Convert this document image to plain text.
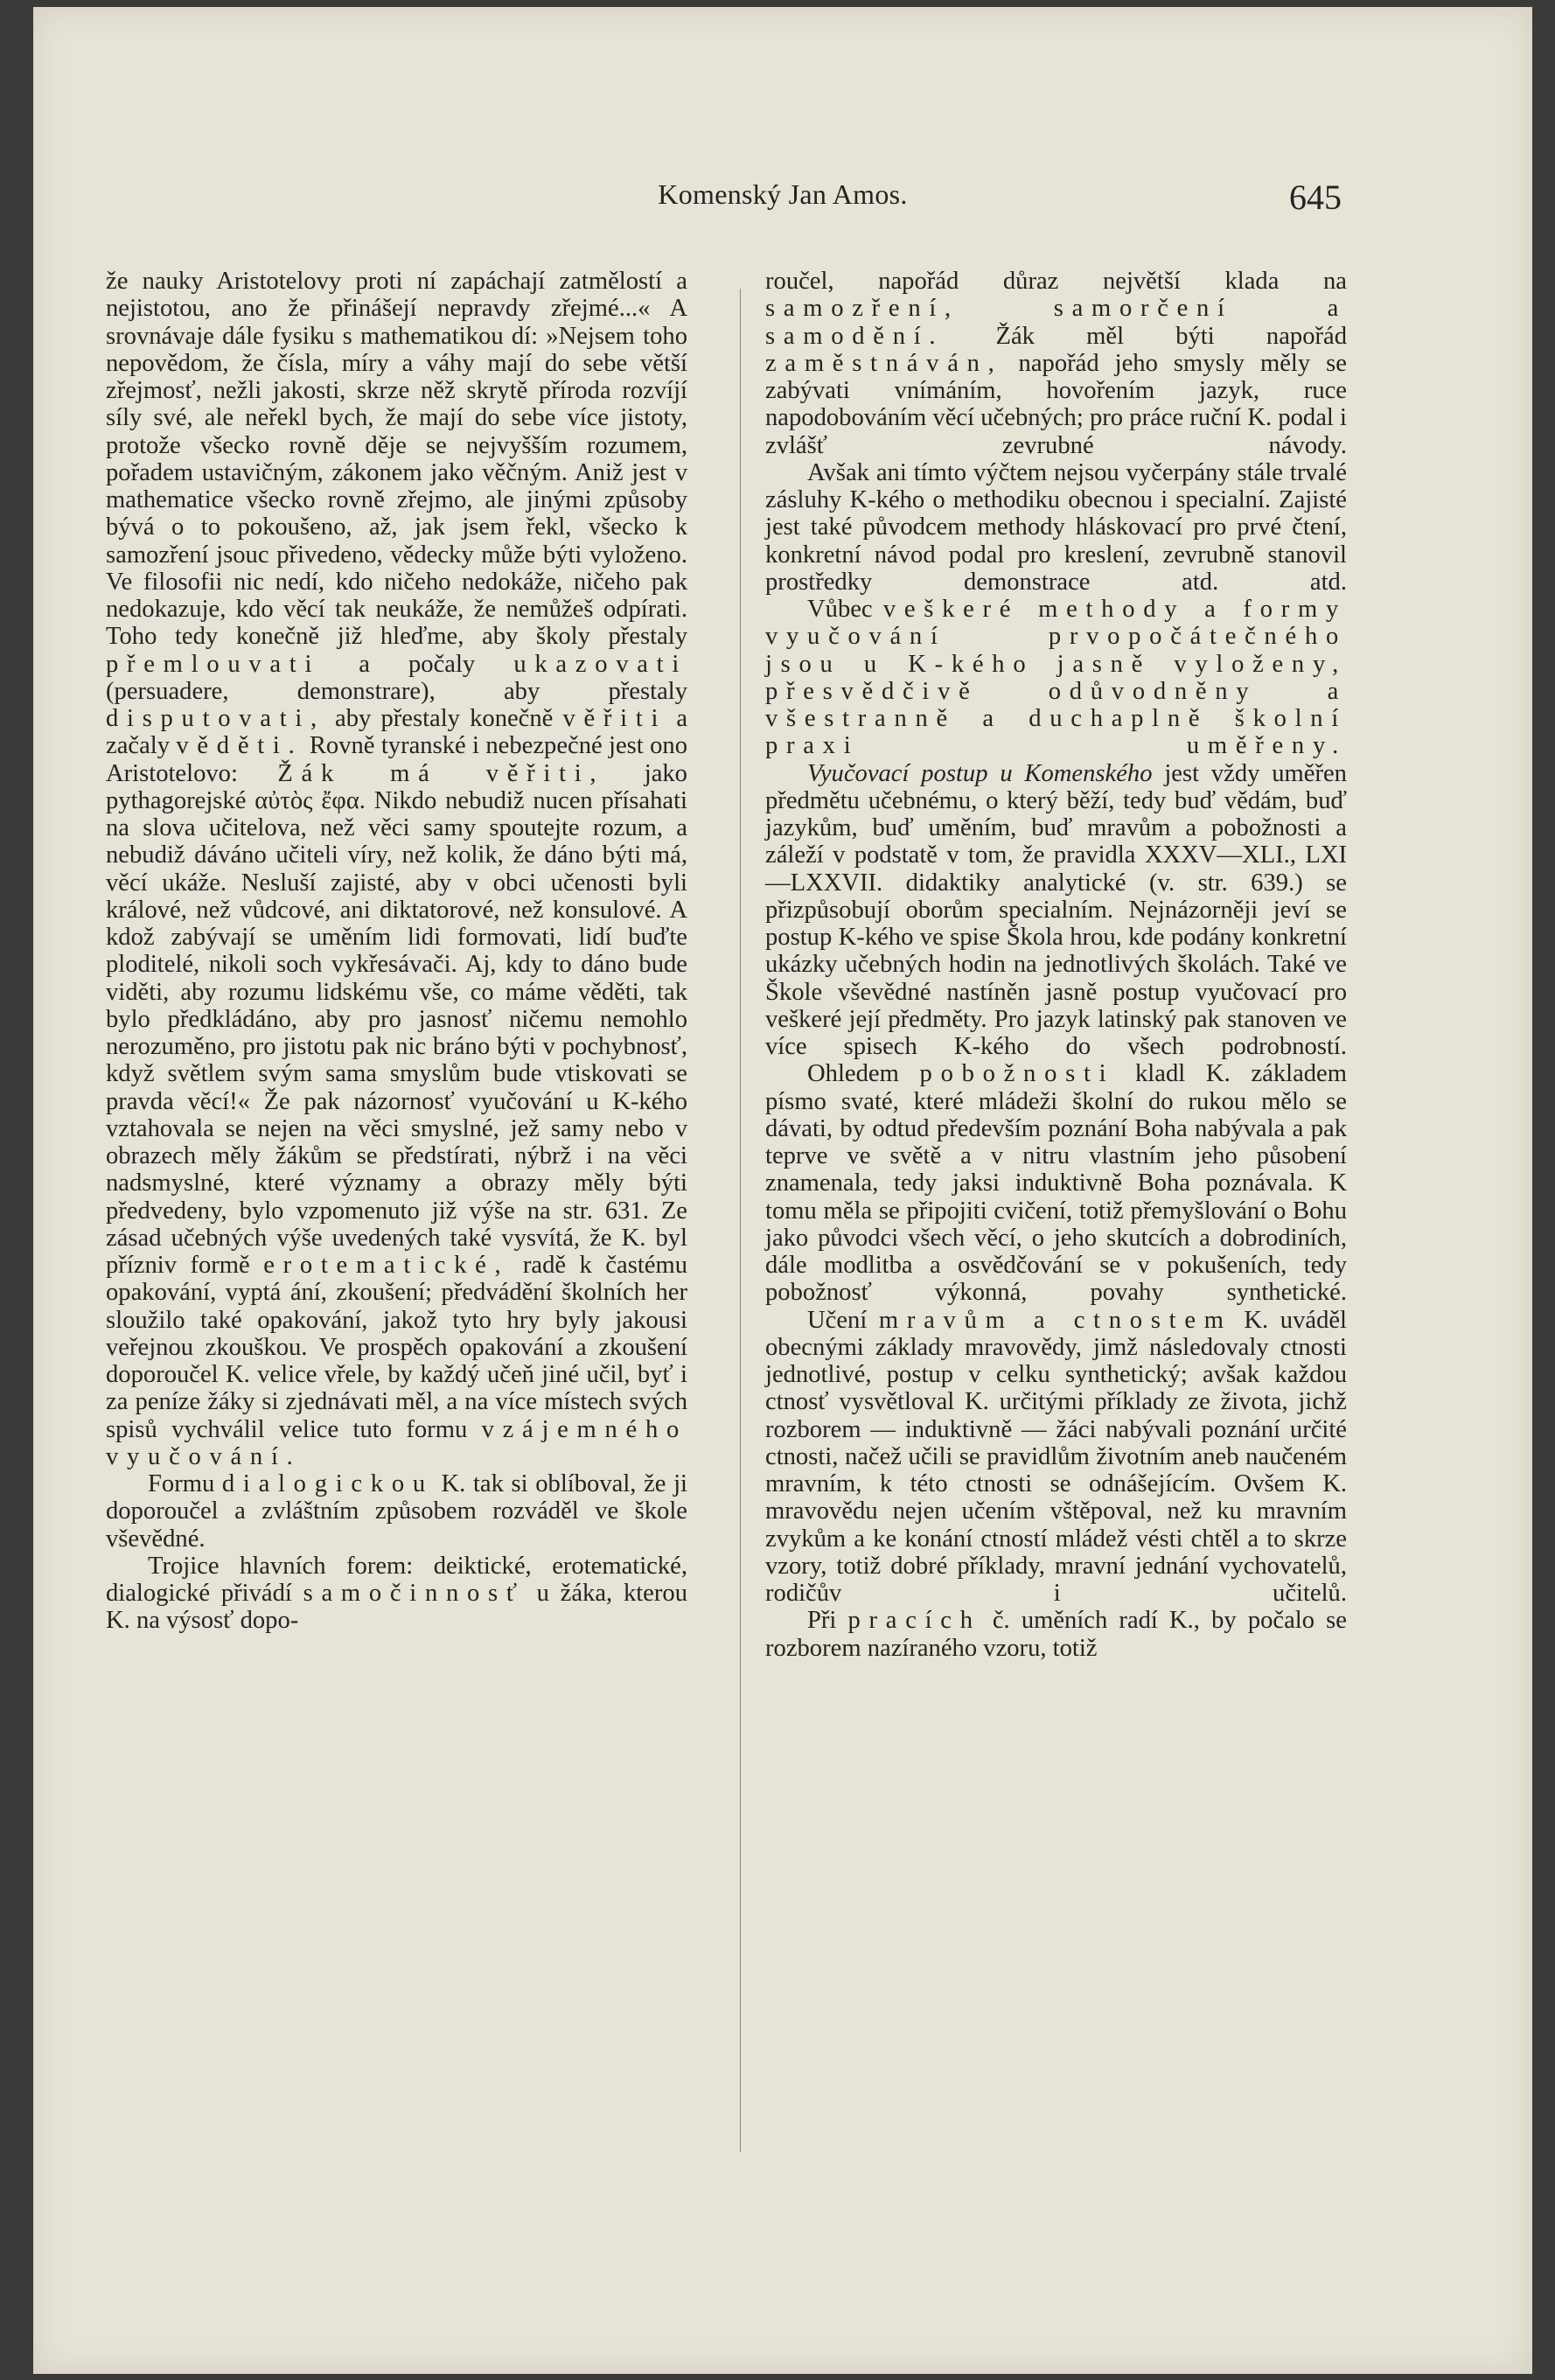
Komenský Jan Amos.	645

že nauky Aristotelovy proti ní zapáchají zatmělostí a nejistotou, ano že přinášejí nepravdy zřejmé...« A srovnávaje dále fysiku s mathematikou dí: »Nejsem toho nepovědom, že čísla, míry a váhy mají do sebe větší zřejmosť, nežli jakosti, skrze něž skrytě příroda rozvíjí síly své, ale neřekl bych, že mají do sebe více jistoty, protože všecko rovně děje se nejvyšším rozumem, pořadem ustavičným, zákonem jako věčným. Aniž jest v mathematice všecko rovně zřejmo, ale jinými způsoby bývá o to pokoušeno, až, jak jsem řekl, všecko k samozření jsouc přivedeno, vědecky může býti vyloženo. Ve filosofii nic nedí, kdo ničeho nedokáže, ničeho pak nedokazuje, kdo věcí tak neukáže, že nemůžeš odpírati. Toho tedy konečně již hleďme, aby školy přestaly přemlouvati a počaly ukazovati (persuadere, demonstrare), aby přestaly disputovati, aby přestaly konečně věřiti a začaly věděti. Rovně tyranské i nebezpečné jest ono Aristotelovo: Žák má věřiti, jako pythagorejské αὐτὸς ἔφα. Nikdo nebudiž nucen přísahati na slova učitelova, než věci samy spoutejte rozum, a nebudiž dáváno učiteli víry, než kolik, že dáno býti má, věcí ukáže. Nesluší zajisté, aby v obci učenosti byli králové, než vůdcové, ani diktatorové, než konsulové. A kdož zabývají se uměním lidi formovati, lidí buďte ploditelé, nikoli soch vykřesávači. Aj, kdy to dáno bude viděti, aby rozumu lidskému vše, co máme věděti, tak bylo předkládáno, aby pro jasnosť ničemu nemohlo nerozuměno, pro jistotu pak nic bráno býti v pochybnosť, když světlem svým sama smyslům bude vtiskovati se pravda věcí!« Že pak názornosť vyučování u K-kého vztahovala se nejen na věci smyslné, jež samy nebo v obrazech měly žákům se předstírati, nýbrž i na věci nadsmyslné, které významy a obrazy měly býti předvedeny, bylo vzpomenuto již výše na str. 631. Ze zásad učebných výše uvedených také vysvítá, že K. byl přízniv formě erotematické, radě k častému opakování, vyptá ání, zkoušení; předvádění školních her sloužilo také opakování, jakož tyto hry byly jakousi veřejnou zkouškou. Ve prospěch opakování a zkoušení doporoučel K. velice vřele, by každý učeň jiné učil, byť i za peníze žáky si zjednávati měl, a na více místech svých spisů vychválil velice tuto formu vzájemného vyučování.

Formu dialogickou K. tak si oblíboval, že ji doporoučel a zvláštním způsobem rozváděl ve škole vševědné.

Trojice hlavních forem: deiktické, erotematické, dialogické přivádí samočinnosť u žáka, kterou K. na výsosť dopo-

roučel, napořád důraz největší klada na samozření, samorčení a samodění. Žák měl býti napořád zaměstnáván, napořád jeho smysly měly se zabývati vnímáním, hovořením jazyk, ruce napodobováním věcí učebných; pro práce ruční K. podal i zvlášť zevrubné návody.

Avšak ani tímto výčtem nejsou vyčerpány stále trvalé zásluhy K-kého o methodiku obecnou i specialní. Zajisté jest také původcem methody hláskovací pro prvé čtení, konkretní návod podal pro kreslení, zevrubně stanovil prostředky demonstrace atd. atd.

Vůbec veškeré methody a formy vyučování prvopočátečného jsou u K-kého jasně vyloženy, přesvědčivě odůvodněny a všestranně a duchaplně školní praxi uměřeny.

Vyučovací postup u Komenského jest vždy uměřen předmětu učebnému, o který běží, tedy buď vědám, buď jazykům, buď uměním, buď mravům a pobožnosti a záleží v podstatě v tom, že pravidla XXXV—XLI., LXI—LXXVII. didaktiky analytické (v. str. 639.) se přizpůsobují oborům specialním. Nejnázorněji jeví se postup K-kého ve spise Škola hrou, kde podány konkretní ukázky učebných hodin na jednotlivých školách. Také ve Škole vševědné nastíněn jasně postup vyučovací pro veškeré její předměty. Pro jazyk latinský pak stanoven ve více spisech K-kého do všech podrobností.

Ohledem pobožnosti kladl K. základem písmo svaté, které mládeži školní do rukou mělo se dávati, by odtud především poznání Boha nabývala a pak teprve ve světě a v nitru vlastním jeho působení znamenala, tedy jaksi induktivně Boha poznávala. K tomu měla se připojiti cvičení, totiž přemyšlování o Bohu jako původci všech věcí, o jeho skutcích a dobrodiních, dále modlitba a osvědčování se v pokušeních, tedy pobožnosť výkonná, povahy synthetické.

Učení mravům a ctnostem K. uváděl obecnými základy mravovědy, jimž následovaly ctnosti jednotlivé, postup v celku synthetický; avšak každou ctnosť vysvětloval K. určitými příklady ze života, jichž rozborem — induktivně — žáci nabývali poznání určité ctnosti, načež učili se pravidlům životním aneb naučeném mravním, k této ctnosti se odnášejícím. Ovšem K. mravovědu nejen učením vštěpoval, než ku mravním zvykům a ke konání ctností mládež vésti chtěl a to skrze vzory, totiž dobré příklady, mravní jednání vychovatelů, rodičův i učitelů.

Při pracích č. uměních radí K., by počalo se rozborem nazíraného vzoru, totiž
